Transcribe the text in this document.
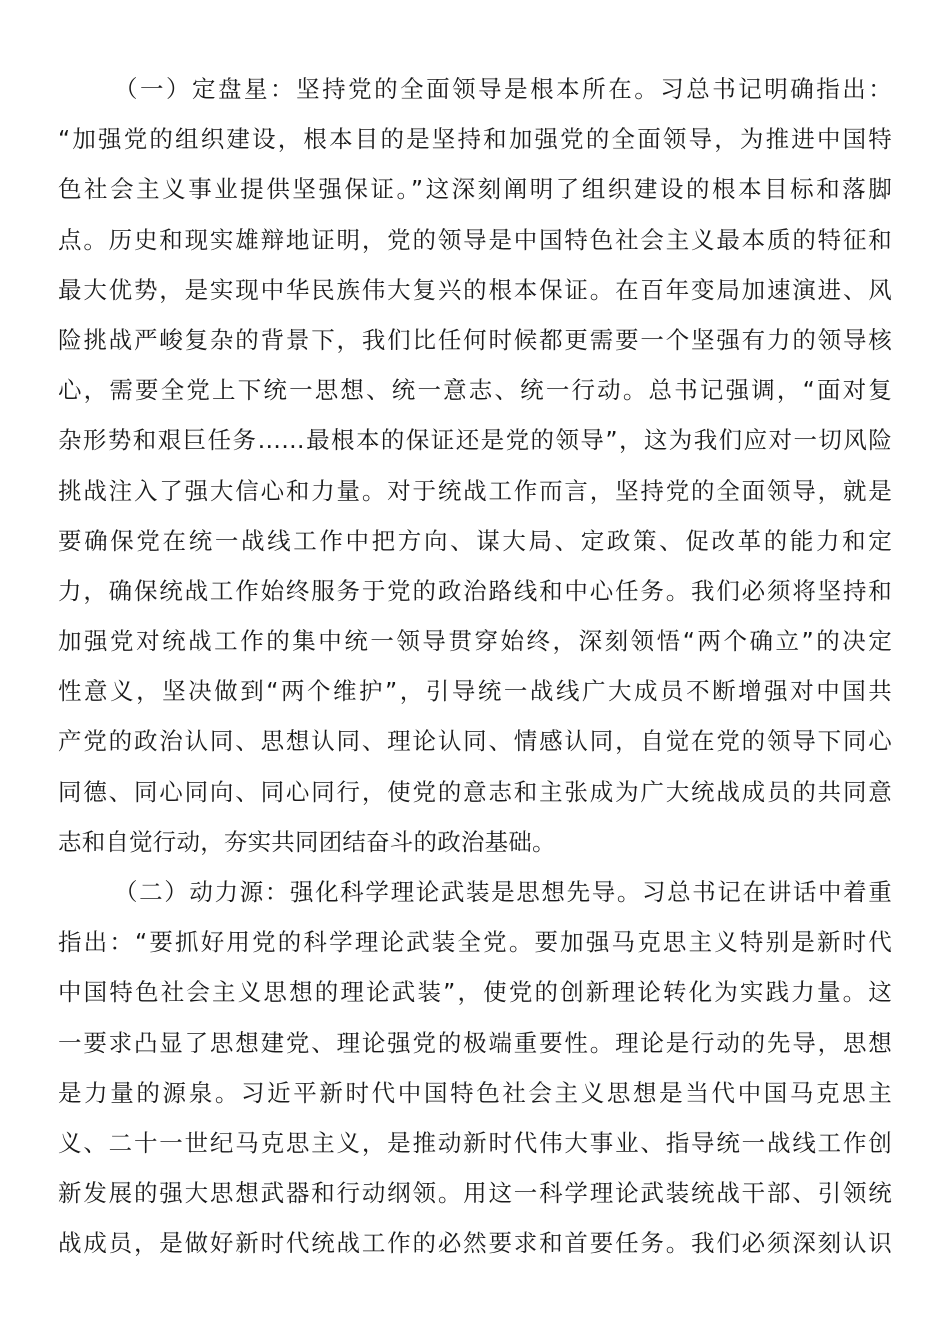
（一）定盘星：坚持党的全面领导是根本所在。习总书记明确指出：
“加强党的组织建设，根本目的是坚持和加强党的全面领导，为推进中国特
色社会主义事业提供坚强保证。”这深刻阐明了组织建设的根本目标和落脚
点。历史和现实雄辩地证明，党的领导是中国特色社会主义最本质的特征和
最大优势，是实现中华民族伟大复兴的根本保证。在百年变局加速演进、风
险挑战严峻复杂的背景下，我们比任何时候都更需要一个坚强有力的领导核
心，需要全党上下统一思想、统一意志、统一行动。总书记强调，“面对复
杂形势和艰巨任务……最根本的保证还是党的领导”，这为我们应对一切风险
挑战注入了强大信心和力量。对于统战工作而言，坚持党的全面领导，就是
要确保党在统一战线工作中把方向、谋大局、定政策、促改革的能力和定
力，确保统战工作始终服务于党的政治路线和中心任务。我们必须将坚持和
加强党对统战工作的集中统一领导贯穿始终，深刻领悟“两个确立”的决定
性意义，坚决做到“两个维护”，引导统一战线广大成员不断增强对中国共
产党的政治认同、思想认同、理论认同、情感认同，自觉在党的领导下同心
同德、同心同向、同心同行，使党的意志和主张成为广大统战成员的共同意
志和自觉行动，夯实共同团结奋斗的政治基础。
（二）动力源：强化科学理论武装是思想先导。习总书记在讲话中着重
指出：“要抓好用党的科学理论武装全党。要加强马克思主义特别是新时代
中国特色社会主义思想的理论武装”，使党的创新理论转化为实践力量。这
一要求凸显了思想建党、理论强党的极端重要性。理论是行动的先导，思想
是力量的源泉。习近平新时代中国特色社会主义思想是当代中国马克思主
义、二十一世纪马克思主义，是推动新时代伟大事业、指导统一战线工作创
新发展的强大思想武器和行动纲领。用这一科学理论武装统战干部、引领统
战成员，是做好新时代统战工作的必然要求和首要任务。我们必须深刻认识
